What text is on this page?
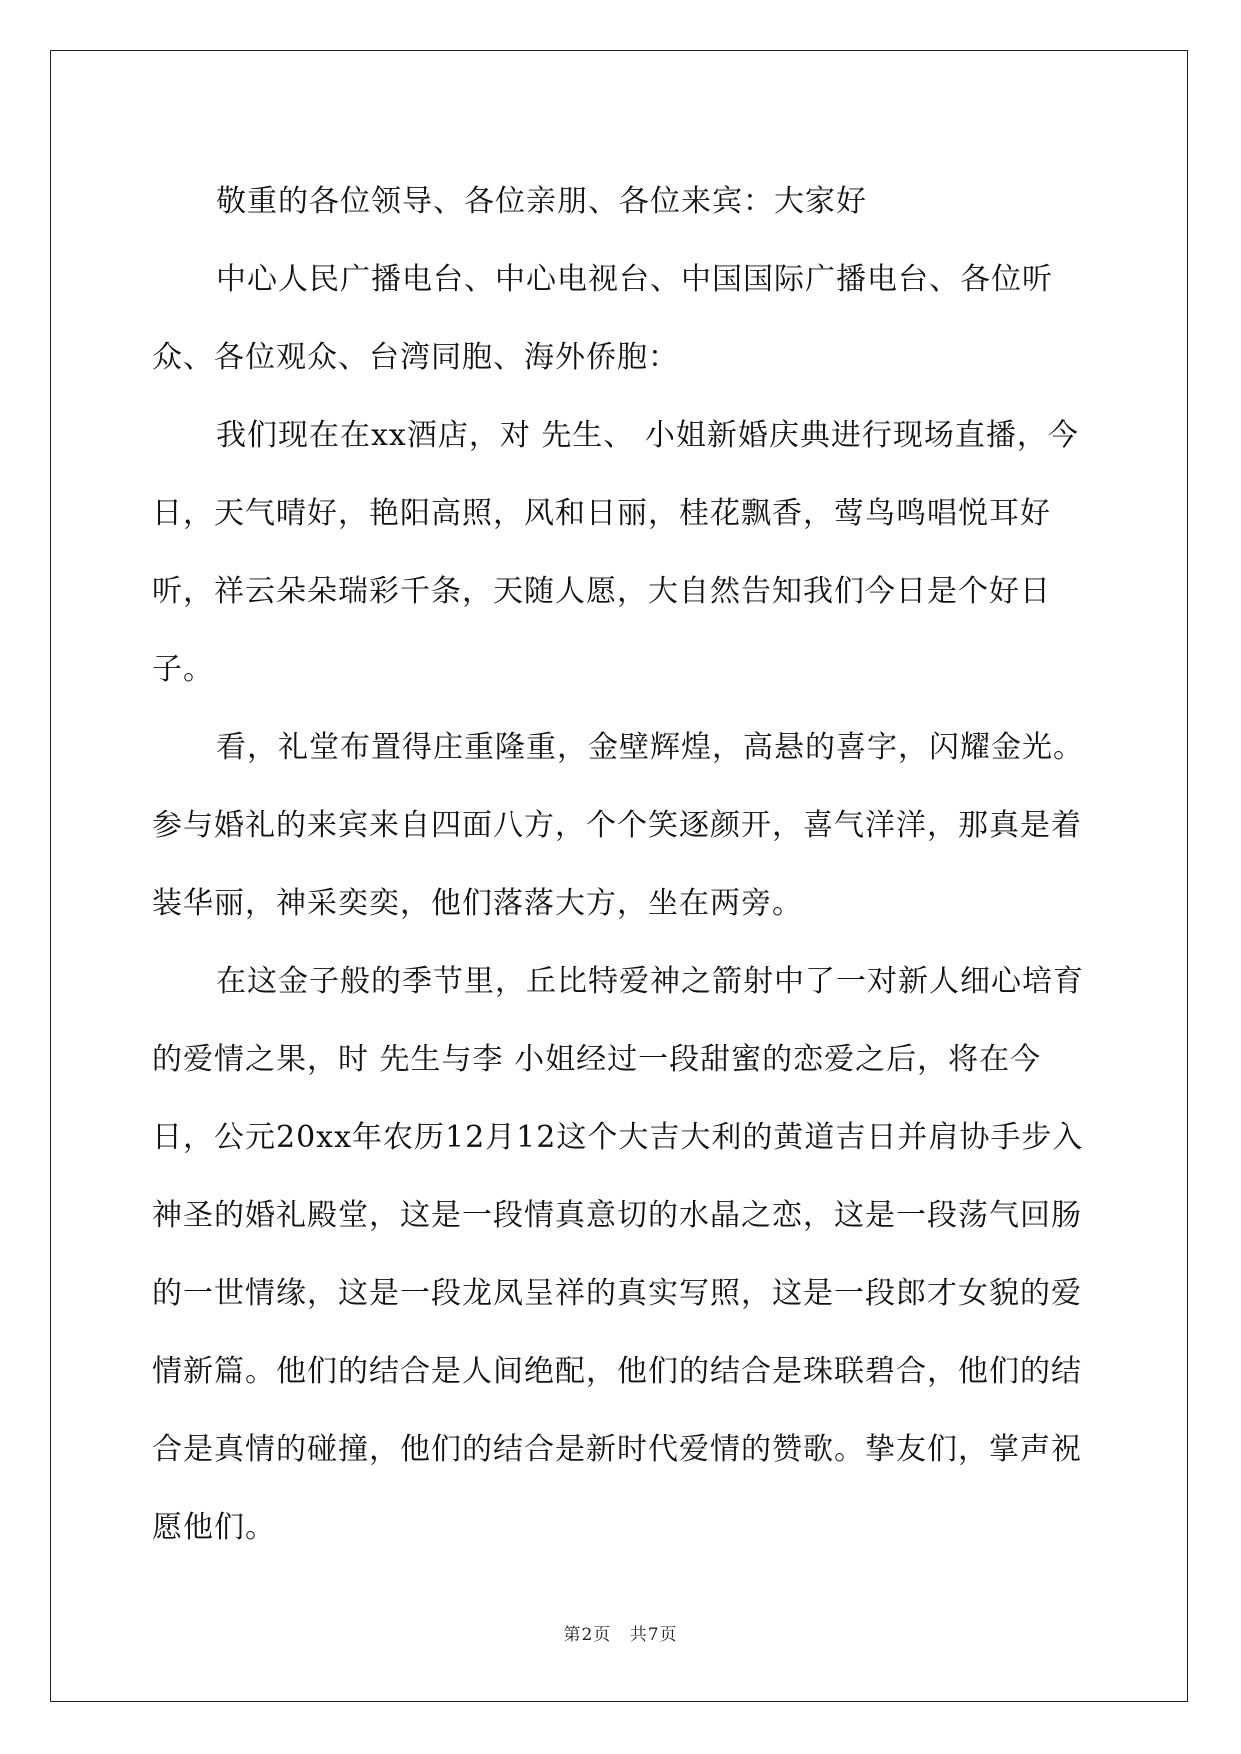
敬重的各位领导、各位亲朋、各位来宾：大家好

中心人民广播电台、中心电视台、中国国际广播电台、各位听众、各位观众、台湾同胞、海外侨胞：

我们现在在xx酒店，对 先生、 小姐新婚庆典进行现场直播，今日，天气晴好，艳阳高照，风和日丽，桂花飘香，莺鸟鸣唱悦耳好听，祥云朵朵瑞彩千条，天随人愿，大自然告知我们今日是个好日子。

看，礼堂布置得庄重隆重，金壁辉煌，高悬的喜字，闪耀金光。参与婚礼的来宾来自四面八方，个个笑逐颜开，喜气洋洋，那真是着装华丽，神采奕奕，他们落落大方，坐在两旁。

在这金子般的季节里，丘比特爱神之箭射中了一对新人细心培育的爱情之果，时 先生与李 小姐经过一段甜蜜的恋爱之后，将在今日，公元20xx年农历12月12这个大吉大利的黄道吉日并肩协手步入神圣的婚礼殿堂，这是一段情真意切的水晶之恋，这是一段荡气回肠的一世情缘，这是一段龙凤呈祥的真实写照，这是一段郎才女貌的爱情新篇。他们的结合是人间绝配，他们的结合是珠联碧合，他们的结合是真情的碰撞，他们的结合是新时代爱情的赞歌。挚友们，掌声祝愿他们。

第2页 共7页
